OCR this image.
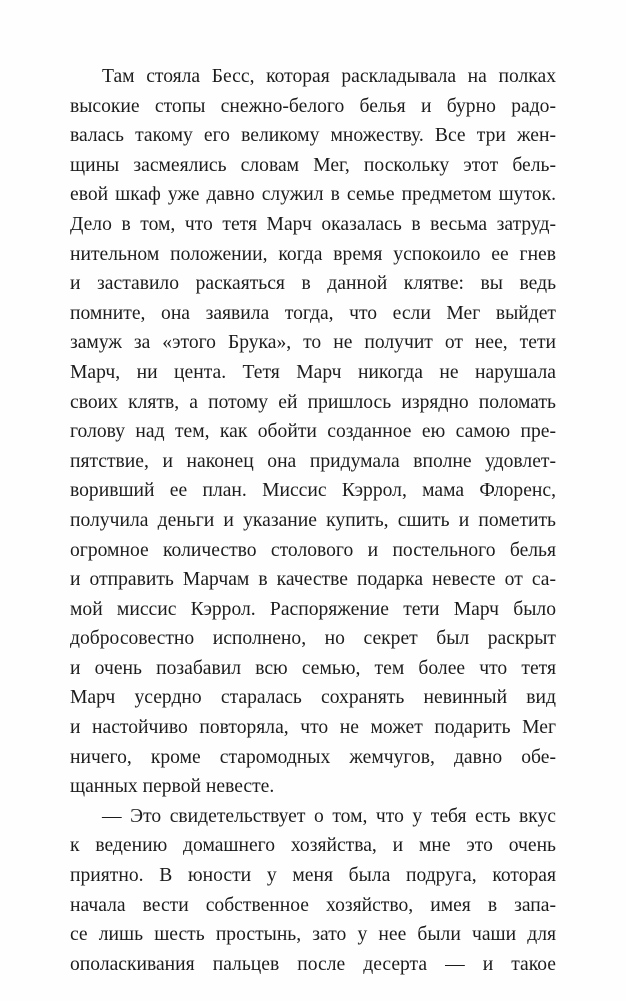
Там стояла Бесс, которая раскладывала на полках
высокие стопы снежно-белого белья и бурно радо-
валась такому его великому множеству. Все три жен-
щины засмеялись словам Мег, поскольку этот бель-
евой шкаф уже давно служил в семье предметом шуток.
Дело в том, что тетя Марч оказалась в весьма затруд-
нительном положении, когда время успокоило ее гнев
и заставило раскаяться в данной клятве: вы ведь
помните, она заявила тогда, что если Мег выйдет
замуж за «этого Брука», то не получит от нее, тети
Марч, ни цента. Тетя Марч никогда не нарушала
своих клятв, а потому ей пришлось изрядно поломать
голову над тем, как обойти созданное ею самою пре-
пятствие, и наконец она придумала вполне удовлет-
воривший ее план. Миссис Кэррол, мама Флоренс,
получила деньги и указание купить, сшить и пометить
огромное количество столового и постельного белья
и отправить Марчам в качестве подарка невесте от са-
мой миссис Кэррол. Распоряжение тети Марч было
добросовестно исполнено, но секрет был раскрыт
и очень позабавил всю семью, тем более что тетя
Марч усердно старалась сохранять невинный вид
и настойчиво повторяла, что не может подарить Мег
ничего, кроме старомодных жемчугов, давно обе-
щанных первой невесте.
— Это свидетельствует о том, что у тебя есть вкус
к ведению домашнего хозяйства, и мне это очень
приятно. В юности у меня была подруга, которая
начала вести собственное хозяйство, имея в запа-
се лишь шесть простынь, зато у нее были чаши для
ополаскивания пальцев после десерта — и такое
